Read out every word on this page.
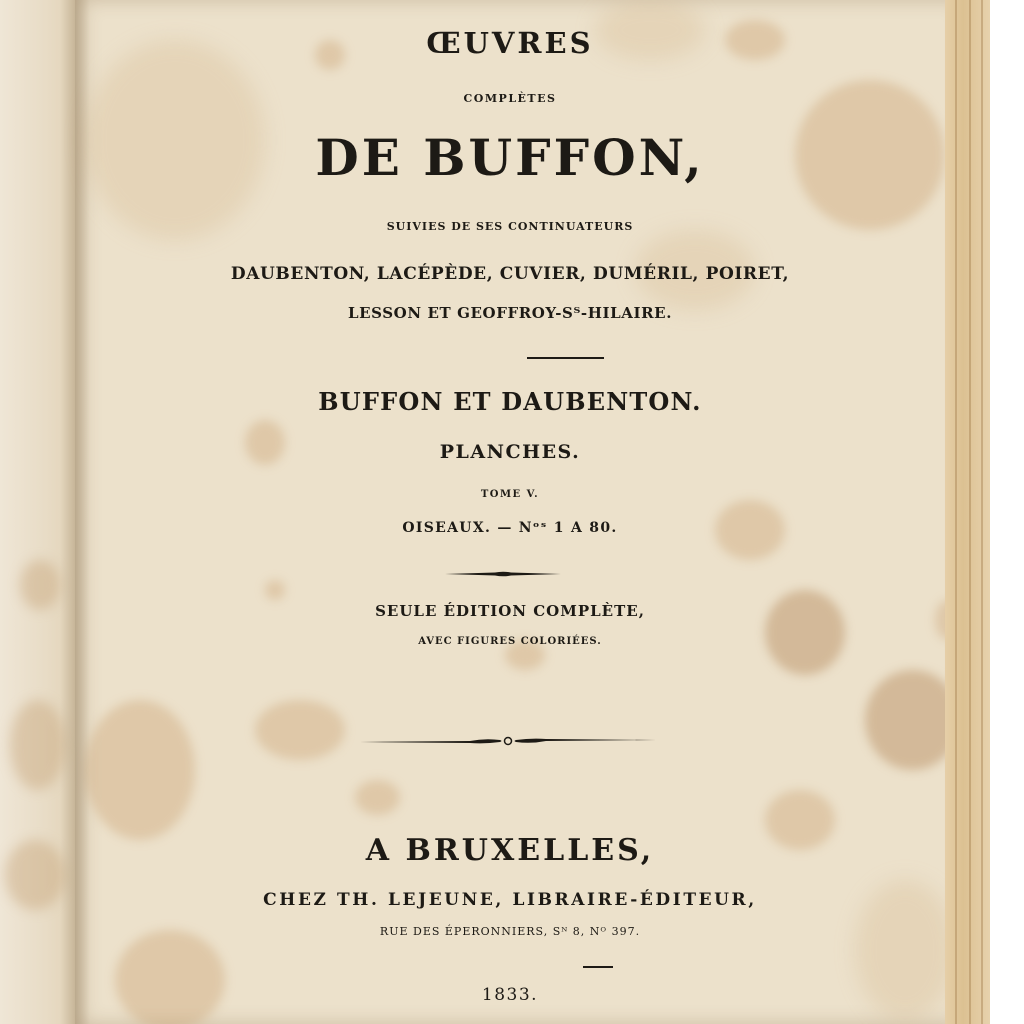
ŒUVRES
COMPLÈTES
DE BUFFON,
SUIVIES DE SES CONTINUATEURS
DAUBENTON, LACÉPÈDE, CUVIER, DUMÉRIL, POIRET,
LESSON ET GEOFFROY-Sᵀ-HILAIRE.
BUFFON ET DAUBENTON.
PLANCHES.
TOME V.
OISEAUX. — Nᵒˢ 1 A 80.
SEULE ÉDITION COMPLÈTE,
AVEC FIGURES COLORIÉES.
A BRUXELLES,
CHEZ TH. LEJEUNE, LIBRAIRE-ÉDITEUR,
RUE DES ÉPERONNIERS, Sᴺ 8, Nᴼ 397.
1833.
